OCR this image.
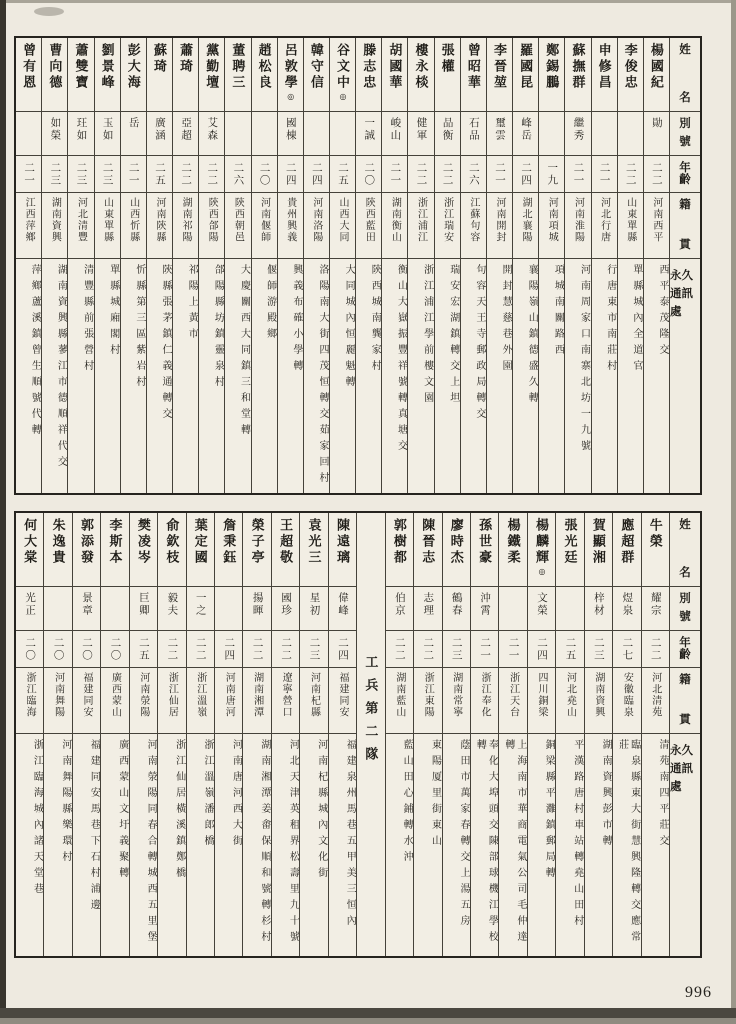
姓
名
別
號
年
齡
籍
貫
永久通訊處
楊國紀
勛
二二
河南西平
西平泰茂隆交
李俊忠
二二
山東單縣
單縣城內全道官
申修昌
二一
河北行唐
行唐東市南莊村
蘇撫群
繼秀
二一
河南淮陽
河南周家口南寨北坊一九號
鄭錫鵬
一九
河南項城
項城南關路西
羅國昆
峰岳
二四
湖北襄陽
襄陽嶺山鎮德盛久轉
李晉堃
璽雲
二一
河南開封
開封慧慈巷外園
曾昭華
石品
二六
江蘇句容
句容天王寺郵政局轉交
張權
品衡
二二
浙江瑞安
瑞安宏湖鎮轉交上坦
樓永棪
健軍
二二
浙江浦江
浙江浦江學前樓文園
胡國華
峻山
二一
湖南衡山
衡山大嶽振豐祥號轉真塘交
滕志忠
一誠
二〇
陝西藍田
陝西城南龔家村
谷文中◎
二五
山西大同
大同城內恒麗魁轉
韓守信
二四
河南洛陽
洛陽南大街四茂恒轉交茹家回村
呂敦學◎
國棟
二四
貴州興義
興義布確小學轉
趙松良
二〇
河南偃師
偃師游殿鄉
董聘三
二六
陝西朝邑
大慶關西大同鎮三和堂轉
黨勤壇
艾森
二二
陝西郃陽
郃陽縣坊鎮靈泉村
蕭琦
亞超
二二
湖南祁陽
祁陽上黃市
蘇琦
廣涵
二五
河南陝縣
陝縣張茅鎮仁義通轉交
彭大海
岳
二一
山西忻縣
忻縣第三區紫岩村
劉景峰
玉如
二三
山東單縣
單縣城廂閣村
蕭雙寶
玨如
二三
河北清豐
清豐縣前張營村
曹向德
如榮
二三
湖南資興
湖南資興縣蓼江市德順祥代交
曾有恩
二一
江西萍鄉
萍鄉蘆溪鎮曾生順號代轉
姓
名
別
號
年
齡
籍
貫
永久通訊處
牛榮
耀宗
二二
河北清苑
清苑南四平莊交
應超群
煜泉
二七
安徽臨泉
臨泉縣東大街慧興隆轉交應常莊
賀顯湘
梓材
二三
湖南資興
湖南資興彭市轉
張光廷
二五
河北堯山
平漢路唐村車站轉堯山田村
楊麟輝◎
文榮
二四
四川銅梁
銅梁縣平灘鎮郵局轉
楊鐵柔
二一
浙江天台
上海南市華商電氣公司毛仲達轉
孫世豪
沖霄
二一
浙江奉化
奉化大埠頭交陳部球機江學校轉
廖時杰
鶴春
二三
湖南常寧
蔭田市萬家春轉交上湯五房
陳晉志
志理
二二
浙江東陽
東陽厦里街東山
郭樹都
伯京
二二
湖南藍山
藍山田心鋪轉水沖
工兵第二隊
陳遠璃
偉峰
二四
福建同安
福建泉州馬巷五甲美三恒內
袁光三
星初
二三
河南杞縣
河南杞縣城內文化街
王超敬
國珍
二二
遼寧營口
河北天津英租界松壽里九十號
榮子亭
揚暉
二二
湖南湘潭
湖南湘潭姜畬保順和號轉杉村
詹秉鈺
二四
河南唐河
河南唐河西大街
葉定國
一之
二二
浙江溫嶺
浙江溫嶺潘郎橋
俞欽枝
毅夫
二二
浙江仙居
浙江仙居橫溪鎮鄭橋
樊凌岑
巨卿
二五
河南滎陽
河南滎陽同春合轉城西五里堡
李斯本
二〇
廣西蒙山
廣西蒙山文圩義聚轉
郭添發
景章
二〇
福建同安
福建同安馬巷下石村浦邊
朱逸貴
二〇
河南舞陽
河南舞陽縣樂環村
何大棠
光正
二〇
浙江臨海
浙江臨海城內諸天堂巷
996
